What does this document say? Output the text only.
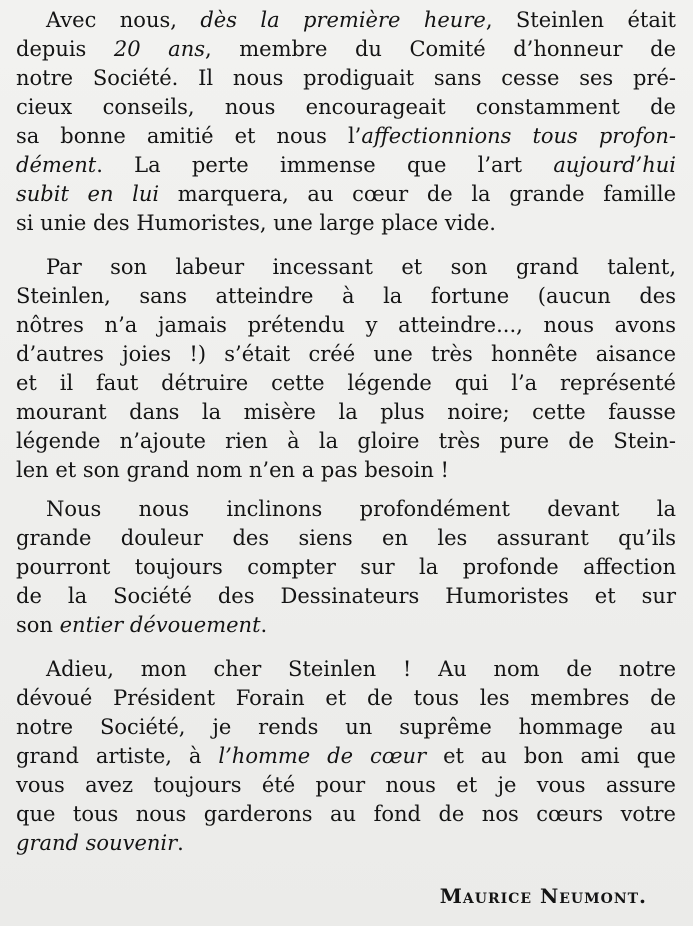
Avec nous, dès la première heure, Steinlen était
depuis 20 ans, membre du Comité d’honneur de
notre Société. Il nous prodiguait sans cesse ses pré-
cieux conseils, nous encourageait constamment de
sa bonne amitié et nous l’affectionnions tous profon-
dément. La perte immense que l’art aujourd’hui
subit en lui marquera, au cœur de la grande famille
si unie des Humoristes, une large place vide.
Par son labeur incessant et son grand talent,
Steinlen, sans atteindre à la fortune (aucun des
nôtres n’a jamais prétendu y atteindre..., nous avons
d’autres joies !) s’était créé une très honnête aisance
et il faut détruire cette légende qui l’a représenté
mourant dans la misère la plus noire; cette fausse
légende n’ajoute rien à la gloire très pure de Stein-
len et son grand nom n’en a pas besoin !
Nous nous inclinons profondément devant la
grande douleur des siens en les assurant qu’ils
pourront toujours compter sur la profonde affection
de la Société des Dessinateurs Humoristes et sur
son entier dévouement.
Adieu, mon cher Steinlen ! Au nom de notre
dévoué Président Forain et de tous les membres de
notre Société, je rends un suprême hommage au
grand artiste, à l’homme de cœur et au bon ami que
vous avez toujours été pour nous et je vous assure
que tous nous garderons au fond de nos cœurs votre
grand souvenir.
Maurice Neumont.
